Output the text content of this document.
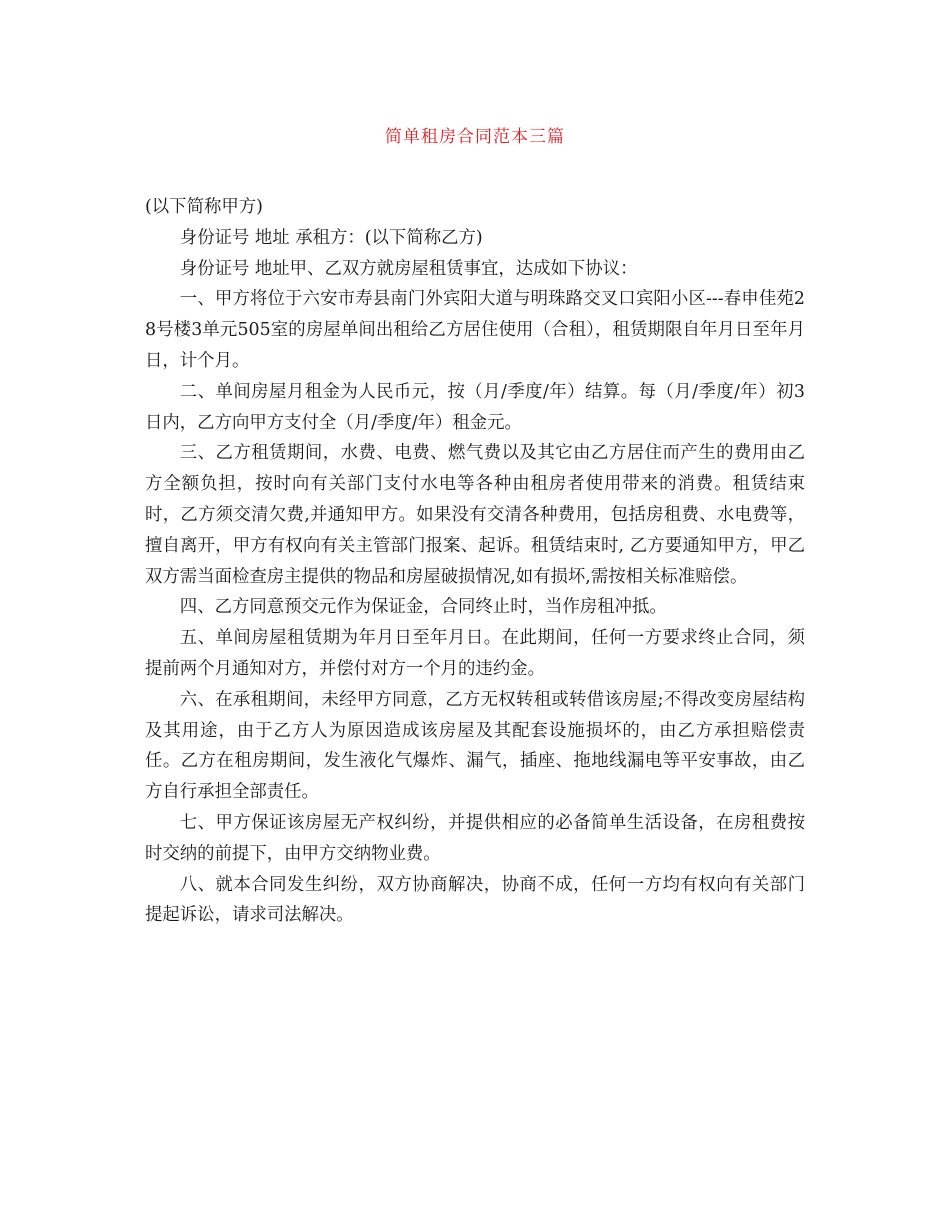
简单租房合同范本三篇

(以下简称甲方)

身份证号 地址 承租方：(以下简称乙方)

身份证号 地址甲、乙双方就房屋租赁事宜，达成如下协议：

一、甲方将位于六安市寿县南门外宾阳大道与明珠路交叉口宾阳小区---春申佳苑28号楼3单元505室的房屋单间出租给乙方居住使用（合租），租赁期限自年月日至年月日，计个月。

二、单间房屋月租金为人民币元，按（月/季度/年）结算。每（月/季度/年）初3日内，乙方向甲方支付全（月/季度/年）租金元。

三、乙方租赁期间，水费、电费、燃气费以及其它由乙方居住而产生的费用由乙方全额负担，按时向有关部门支付水电等各种由租房者使用带来的消费。租赁结束时，乙方须交清欠费,并通知甲方。如果没有交清各种费用，包括房租费、水电费等，擅自离开，甲方有权向有关主管部门报案、起诉。租赁结束时, 乙方要通知甲方，甲乙双方需当面检查房主提供的物品和房屋破损情况,如有损坏,需按相关标准赔偿。

四、乙方同意预交元作为保证金，合同终止时，当作房租冲抵。

五、单间房屋租赁期为年月日至年月日。在此期间，任何一方要求终止合同，须提前两个月通知对方，并偿付对方一个月的违约金。

六、在承租期间，未经甲方同意，乙方无权转租或转借该房屋;不得改变房屋结构及其用途，由于乙方人为原因造成该房屋及其配套设施损坏的，由乙方承担赔偿责任。乙方在租房期间，发生液化气爆炸、漏气，插座、拖地线漏电等平安事故，由乙方自行承担全部责任。

七、甲方保证该房屋无产权纠纷，并提供相应的必备简单生活设备，在房租费按时交纳的前提下，由甲方交纳物业费。

八、就本合同发生纠纷，双方协商解决，协商不成，任何一方均有权向有关部门提起诉讼，请求司法解决。
